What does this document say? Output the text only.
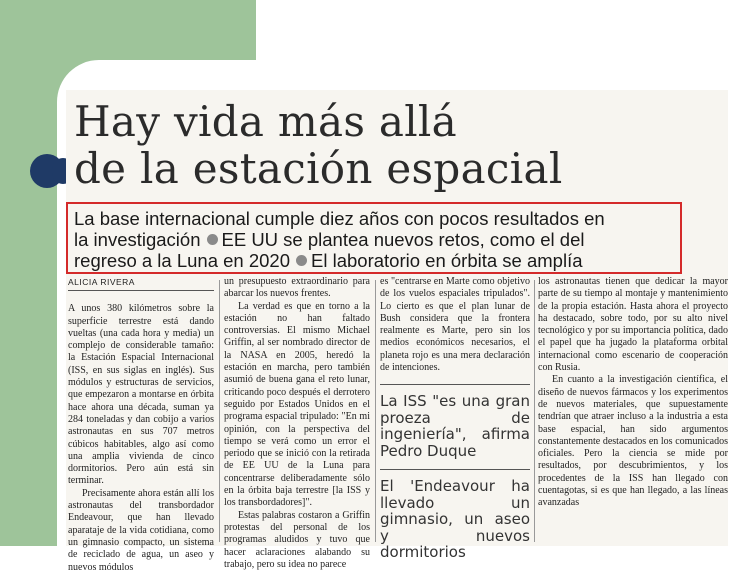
Hay vida más allá
de la estación espacial
La base internacional cumple diez años con pocos resultados en
la investigación EE UU se plantea nuevos retos, como el del
regreso a la Luna en 2020 El laboratorio en órbita se amplía
ALICIA RIVERA

A unos 380 kilómetros sobre la superficie terrestre está dando vueltas (una cada hora y media) un complejo de considerable tamaño: la Estación Espacial Internacional (ISS, en sus siglas en inglés). Sus módulos y estructuras de servicios, que empezaron a montarse en órbita hace ahora una década, suman ya 284 toneladas y dan cobijo a varios astronautas en sus 707 metros cúbicos habitables, algo así como una amplia vivienda de cinco dormitorios. Pero aún está sin terminar.

Precisamente ahora están allí los astronautas del transbordador Endeavour, que han llevado aparataje de la vida cotidiana, como un gimnasio compacto, un sistema de reciclado de agua, un aseo y nuevos módulos

un presupuesto extraordinario para abarcar los nuevos frentes.

La verdad es que en torno a la estación no han faltado controversias. El mismo Michael Griffin, al ser nombrado director de la NASA en 2005, heredó la estación en marcha, pero también asumió de buena gana el reto lunar, criticando poco después el derrotero seguido por Estados Unidos en el programa espacial tripulado: "En mi opinión, con la perspectiva del tiempo se verá como un error el periodo que se inició con la retirada de EE UU de la Luna para concentrarse deliberadamente sólo en la órbita baja terrestre [la ISS y los transbordadores]".

Estas palabras costaron a Griffin protestas del personal de los programas aludidos y tuvo que hacer aclaraciones alabando su trabajo, pero su idea no parece

es "centrarse en Marte como objetivo de los vuelos espaciales tripulados". Lo cierto es que el plan lunar de Bush considera que la frontera realmente es Marte, pero sin los medios económicos necesarios, el planeta rojo es una mera declaración de intenciones.

La ISS "es una gran proeza de ingeniería", afirma Pedro Duque
El 'Endeavour ha llevado un gimnasio, un aseo y nuevos dormitorios

los astronautas tienen que dedicar la mayor parte de su tiempo al montaje y mantenimiento de la propia estación. Hasta ahora el proyecto ha destacado, sobre todo, por su alto nivel tecnológico y por su importancia política, dado el papel que ha jugado la plataforma orbital internacional como escenario de cooperación con Rusia.

En cuanto a la investigación científica, el diseño de nuevos fármacos y los experimentos de nuevos materiales, que supuestamente tendrían que atraer incluso a la industria a esta base espacial, han sido argumentos constantemente destacados en los comunicados oficiales. Pero la ciencia se mide por resultados, por descubrimientos, y los procedentes de la ISS han llegado con cuentagotas, si es que han llegado, a las líneas avanzadas
